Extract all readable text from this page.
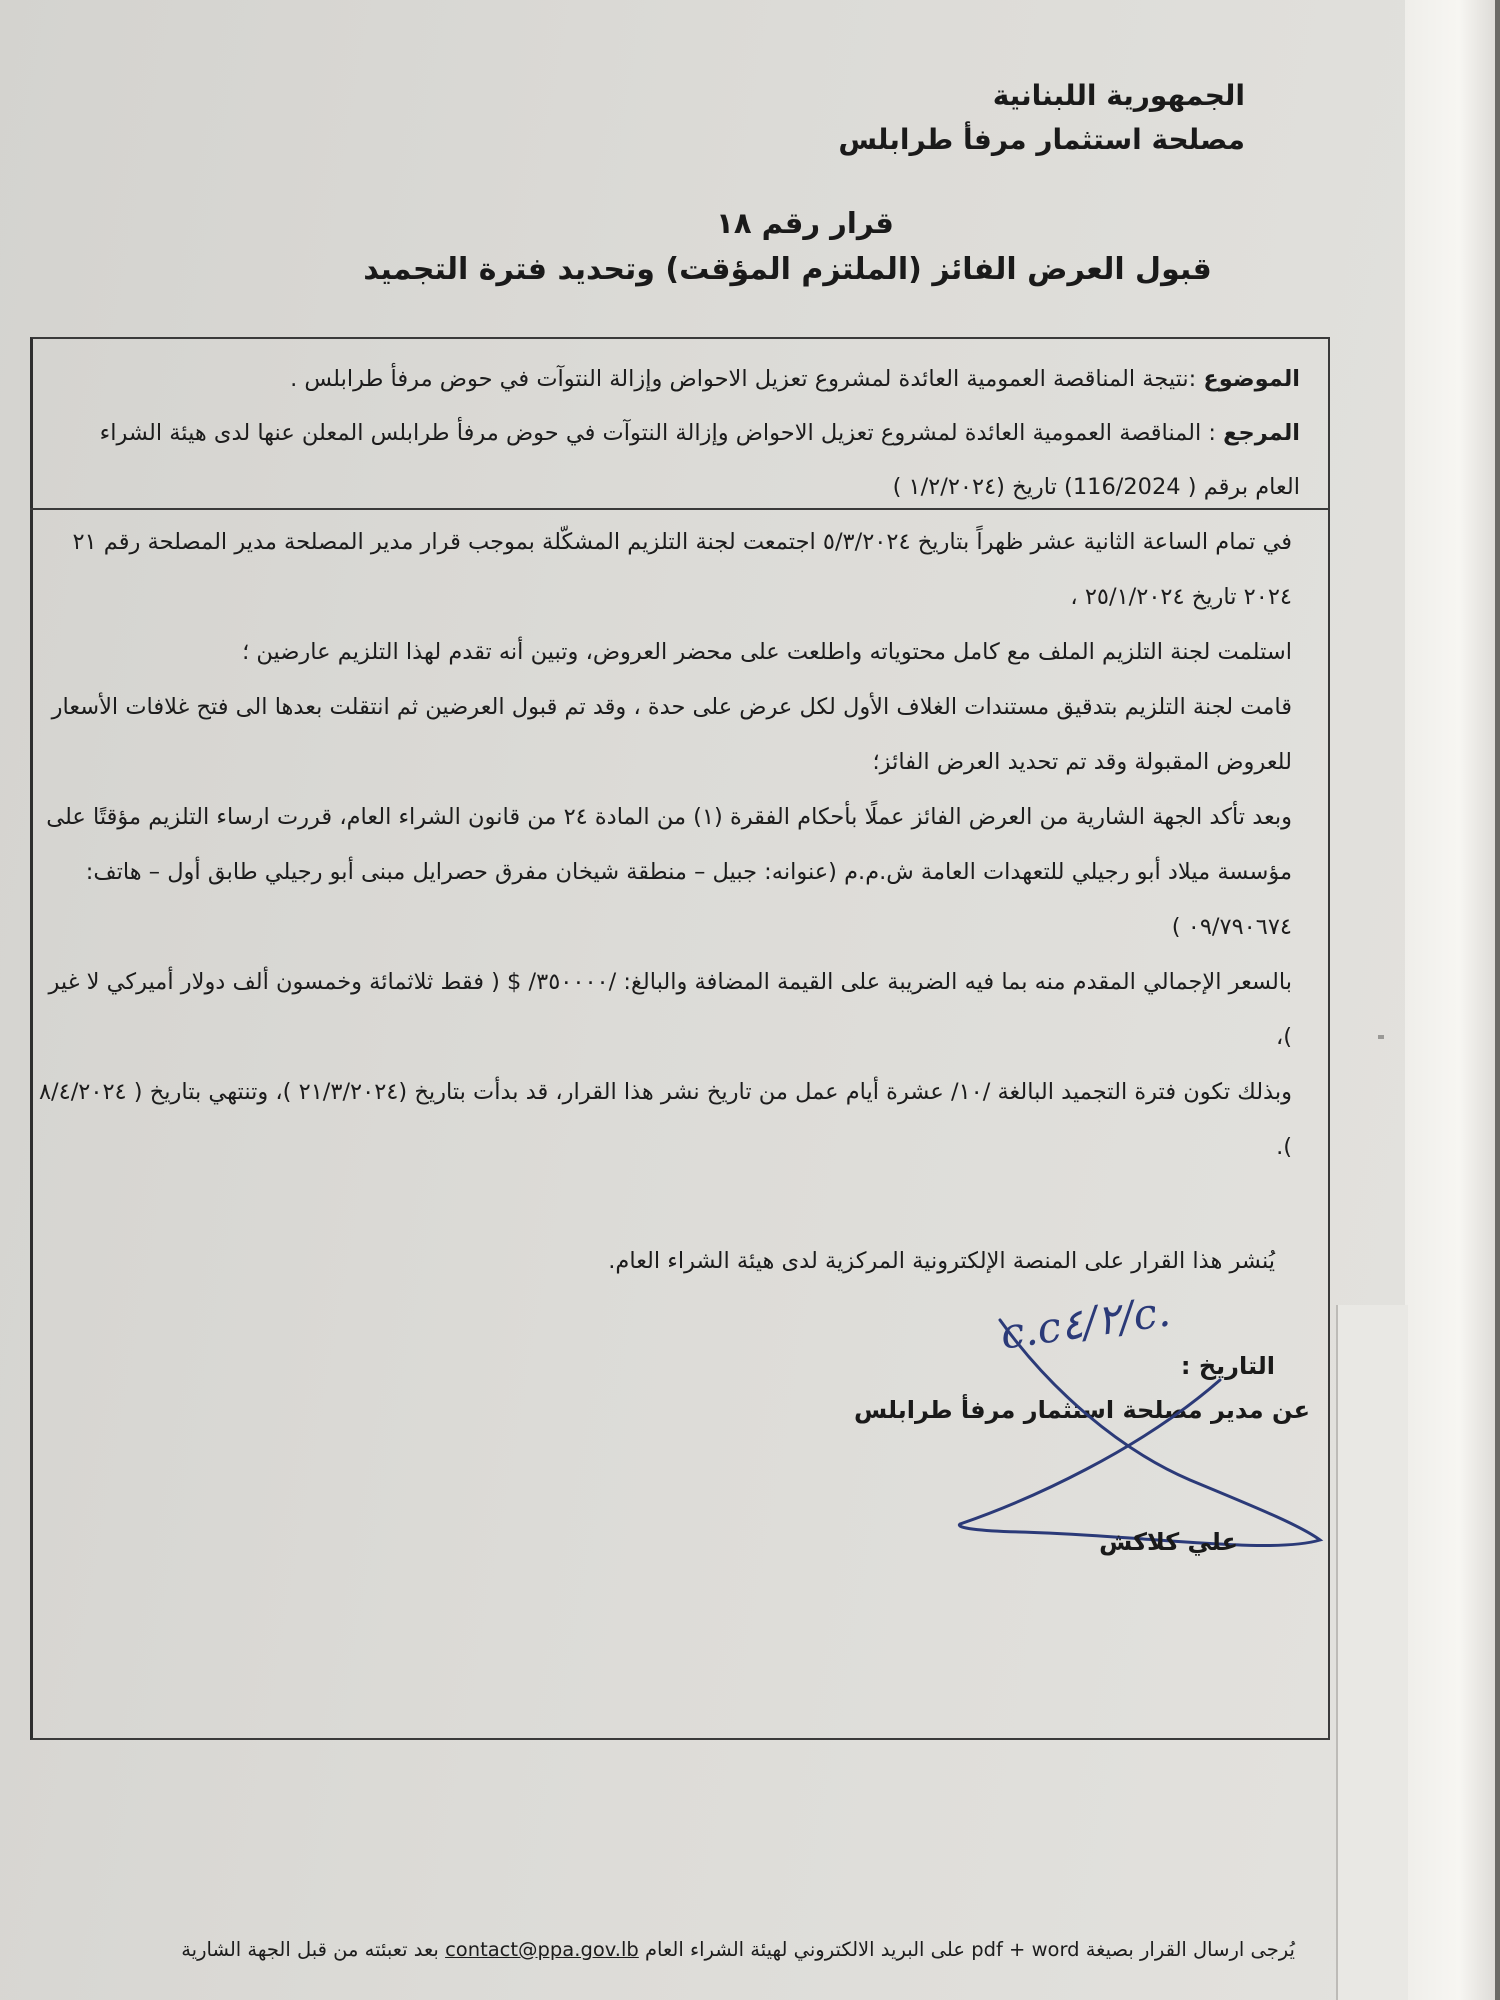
الجمهورية اللبنانية
مصلحة استثمار مرفأ طرابلس
قرار رقم ١٨
قبول العرض الفائز (الملتزم المؤقت) وتحديد فترة التجميد
الموضوع :نتيجة المناقصة العمومية العائدة لمشروع تعزيل الاحواض وإزالة النتوآت في حوض مرفأ طرابلس .
المرجع : المناقصة العمومية العائدة لمشروع تعزيل الاحواض وإزالة النتوآت في حوض مرفأ طرابلس المعلن عنها لدى هيئة الشراء العام برقم ( 116/2024) تاريخ (١/٢/٢٠٢٤ )

في تمام الساعة الثانية عشر ظهراً بتاريخ ٥/٣/٢٠٢٤ اجتمعت لجنة التلزيم المشكّلة بموجب قرار مدير المصلحة مدير المصلحة رقم ٢١ ٢٠٢٤ تاريخ ٢٥/١/٢٠٢٤ ،

استلمت لجنة التلزيم الملف مع كامل محتوياته واطلعت على محضر العروض، وتبين أنه تقدم لهذا التلزيم عارضين ؛

قامت لجنة التلزيم بتدقيق مستندات الغلاف الأول لكل عرض على حدة ، وقد تم قبول العرضين ثم انتقلت بعدها الى فتح غلافات الأسعار للعروض المقبولة وقد تم تحديد العرض الفائز؛

وبعد تأكد الجهة الشارية من العرض الفائز عملًا بأحكام الفقرة (١) من المادة ٢٤ من قانون الشراء العام، قررت ارساء التلزيم مؤقتًا على مؤسسة ميلاد أبو رجيلي للتعهدات العامة ش.م.م (عنوانه: جبيل – منطقة شيخان مفرق حصرايل مبنى أبو رجيلي طابق أول – هاتف: ٠٩/٧٩٠٦٧٤ )

بالسعر الإجمالي المقدم منه بما فيه الضريبة على القيمة المضافة والبالغ: /٣٥٠٠٠٠/ $ ( فقط ثلاثمائة وخمسون ألف دولار أميركي لا غير )،

وبذلك تكون فترة التجميد البالغة /١٠/ عشرة أيام عمل من تاريخ نشر هذا القرار، قد بدأت بتاريخ (٢١/٣/٢٠٢٤ )، وتنتهي بتاريخ ( ٨/٤/٢٠٢٤ ).

يُنشر هذا القرار على المنصة الإلكترونية المركزية لدى هيئة الشراء العام.
التاريخ :
c.c٤/٢/c.
عن مدير مصلحة استثمار مرفأ طرابلس
علي كلاكش
يُرجى ارسال القرار بصيغة pdf + word على البريد الالكتروني لهيئة الشراء العام contact@ppa.gov.lb بعد تعبئته من قبل الجهة الشارية
